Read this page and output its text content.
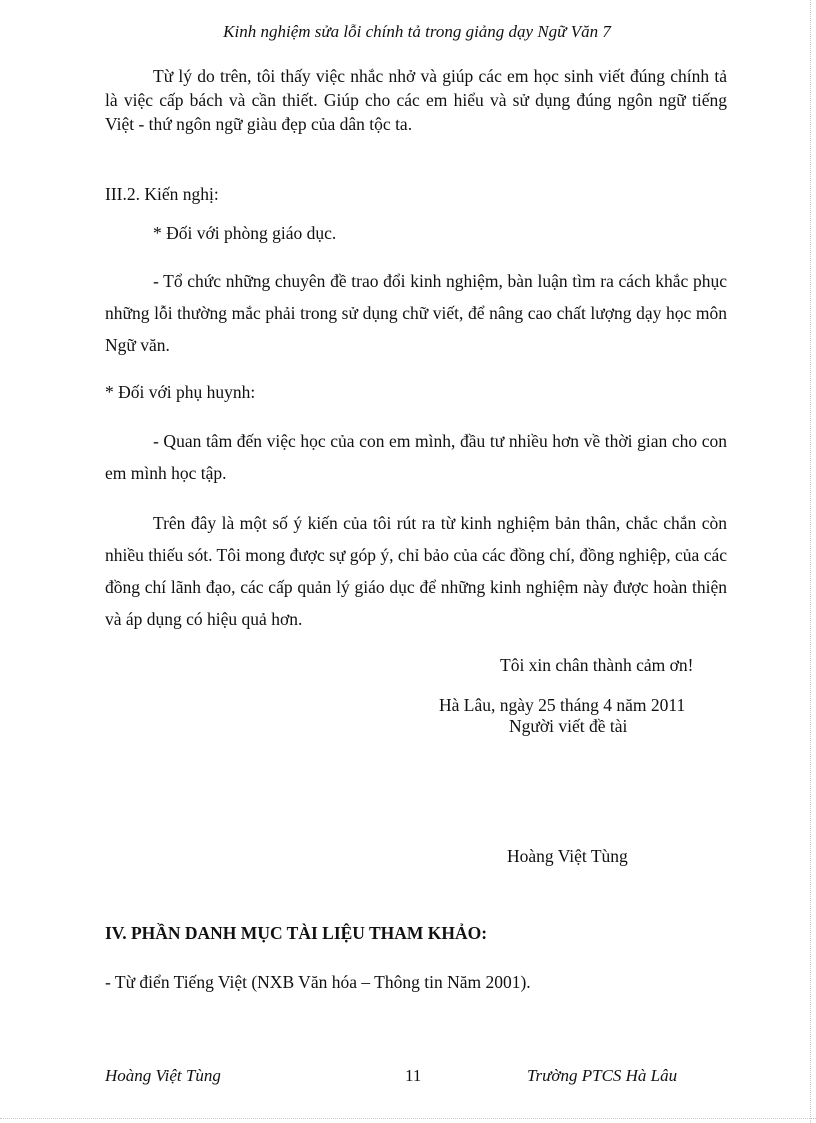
Kinh nghiệm sửa lỗi chính tả trong giảng dạy Ngữ Văn 7
Từ lý do trên, tôi thấy việc nhắc nhở và giúp các em học sinh viết đúng chính tả là việc cấp bách và cần thiết. Giúp cho các em hiểu và sử dụng đúng ngôn ngữ tiếng Việt - thứ ngôn ngữ giàu đẹp của dân tộc ta.
III.2. Kiến nghị:
* Đối với phòng giáo dục.
- Tổ chức những chuyên đề trao đổi kinh nghiệm, bàn luận tìm ra cách khắc phục những lỗi thường mắc phải trong sử dụng chữ viết, để nâng cao chất lượng dạy học môn Ngữ văn.
* Đối với phụ huynh:
- Quan tâm đến việc học của con em mình, đầu tư nhiều hơn về thời gian cho con em mình học tập.
Trên đây là một số ý kiến của tôi rút ra từ kinh nghiệm bản thân, chắc chắn còn nhiều thiếu sót. Tôi mong được sự góp ý, chỉ bảo của các đồng chí, đồng nghiệp, của các đồng chí lãnh đạo, các cấp quản lý giáo dục để những kinh nghiệm này được hoàn thiện và áp dụng có hiệu quả hơn.
Tôi xin chân thành cảm ơn!
Hà Lâu, ngày 25 tháng 4 năm 2011
Người viết đề tài
Hoàng Việt Tùng
IV. PHẦN DANH MỤC TÀI LIỆU THAM KHẢO:
- Từ điển Tiếng Việt (NXB Văn hóa – Thông tin Năm 2001).
Hoàng Việt Tùng	11	Trường PTCS Hà Lâu
